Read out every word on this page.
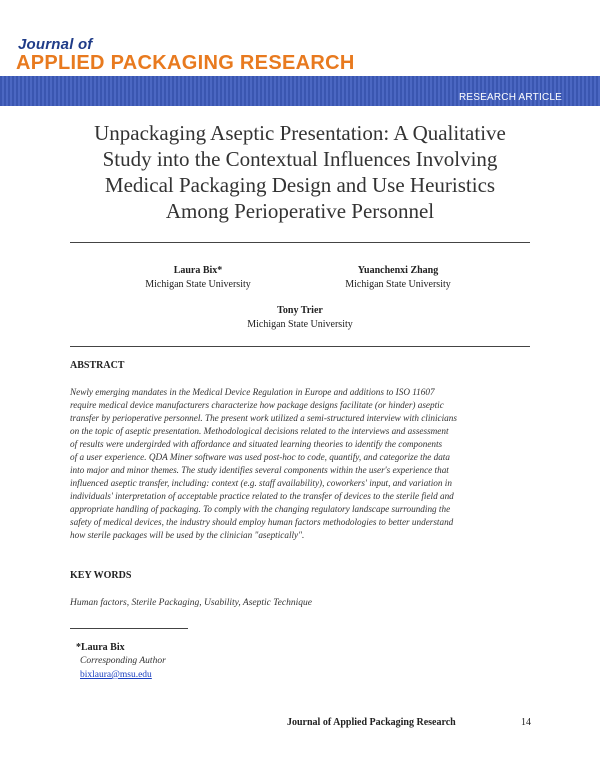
Journal of
APPLIED PACKAGING RESEARCH
RESEARCH ARTICLE
Unpackaging Aseptic Presentation: A Qualitative
Study into the Contextual Influences Involving
Medical Packaging Design and Use Heuristics
Among Perioperative Personnel
Laura Bix*
Michigan State University
Yuanchenxi Zhang
Michigan State University
Tony Trier
Michigan State University
ABSTRACT

Newly emerging mandates in the Medical Device Regulation in Europe and additions to ISO 11607
require medical device manufacturers characterize how package designs facilitate (or hinder) aseptic
transfer by perioperative personnel. The present work utilized a semi-structured interview with clinicians
on the topic of aseptic presentation. Methodological decisions related to the interviews and assessment
of results were undergirded with affordance and situated learning theories to identify the components
of a user experience. QDA Miner software was used post-hoc to code, quantify, and categorize the data
into major and minor themes. The study identifies several components within the user's experience that
influenced aseptic transfer, including: context (e.g. staff availability), coworkers' input, and variation in
individuals' interpretation of acceptable practice related to the transfer of devices to the sterile field and
appropriate handling of packaging. To comply with the changing regulatory landscape surrounding the
safety of medical devices, the industry should employ human factors methodologies to better understand
how sterile packages will be used by the clinician "aseptically".

KEY WORDS
Human factors, Sterile Packaging, Usability, Aseptic Technique
*Laura Bix
Corresponding Author
bixlaura@msu.edu
Journal of Applied Packaging Research	14
